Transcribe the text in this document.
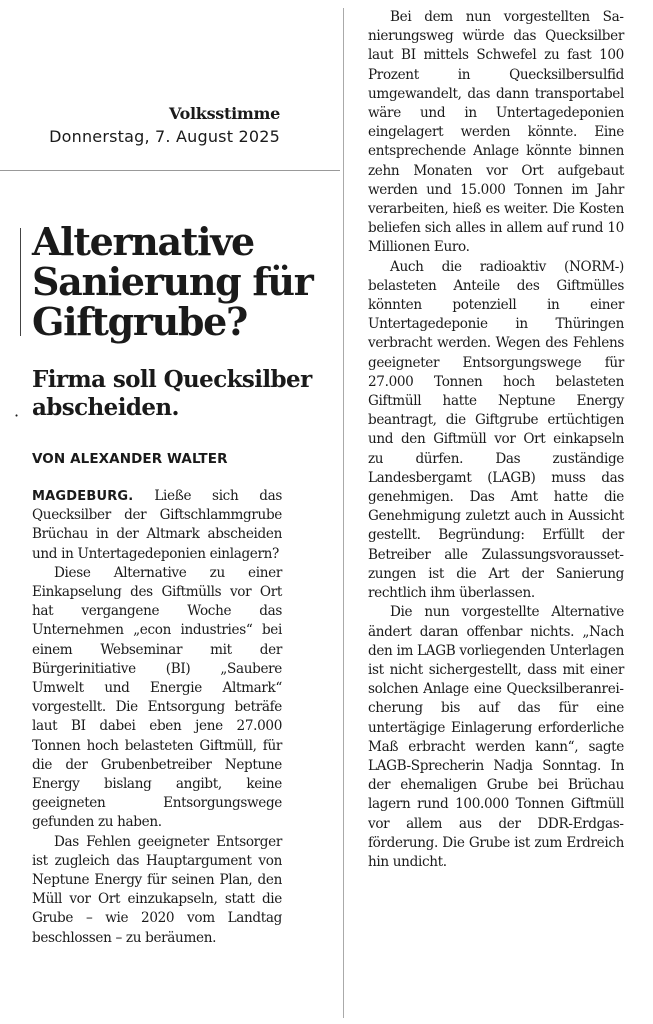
Volksstimme
Donnerstag, 7. August 2025
Alternative Sanierung für Giftgrube?
·
Firma soll Quecksilber abscheiden.
VON ALEXANDER WALTER

MAGDEBURG. Ließe sich das Quecksilber der Giftschlammgrube Brüchau in der Altmark abscheiden und in Untertagedeponien einlagern?

Diese Alternative zu einer Einkapselung des Giftmülls vor Ort hat vergangene Woche das Unternehmen „econ industries“ bei einem Webseminar mit der Bürgerinitiative (BI) „Saubere Umwelt und Energie Altmark“ vorgestellt. Die Entsorgung beträfe laut BI dabei eben jene 27.000 Tonnen hoch belasteten Giftmüll, für die der Grubenbetreiber Neptune Energy bislang angibt, keine geeigneten Entsorgungswege gefunden zu haben.

Das Fehlen geeigneter Entsorger ist zugleich das Hauptargument von Neptune Energy für seinen Plan, den Müll vor Ort einzukapseln, statt die Grube – wie 2020 vom Landtag beschlossen – zu beräumen.

Bei dem nun vorgestellten Sanierungsweg würde das Quecksilber laut BI mittels Schwefel zu fast 100 Prozent in Quecksilbersulfid umgewandelt, das dann transportabel wäre und in Untertagedeponien eingelagert werden könnte. Eine entsprechende Anlage könnte binnen zehn Monaten vor Ort aufgebaut werden und 15.000 Tonnen im Jahr verarbeiten, hieß es weiter. Die Kosten beliefen sich alles in allem auf rund 10 Millionen Euro.

Auch die radioaktiv (NORM-) belasteten Anteile des Giftmülles könnten potenziell in einer Untertagedeponie in Thüringen verbracht werden. Wegen des Fehlens geeigneter Entsorgungswege für 27.000 Tonnen hoch belasteten Giftmüll hatte Neptune Energy beantragt, die Giftgrube ertüchtigen und den Giftmüll vor Ort einkapseln zu dürfen. Das zuständige Landesbergamt (LAGB) muss das genehmigen. Das Amt hatte die Genehmigung zuletzt auch in Aussicht gestellt. Begründung: Erfüllt der Betreiber alle Zulassungsvoraussetzungen ist die Art der Sanierung rechtlich ihm überlassen.

Die nun vorgestellte Alternative ändert daran offenbar nichts. „Nach den im LAGB vorliegenden Unterlagen ist nicht sichergestellt, dass mit einer solchen Anlage eine Quecksilberanreicherung bis auf das für eine untertägige Einlagerung erforderliche Maß erbracht werden kann“, sagte LAGB-Sprecherin Nadja Sonntag. In der ehemaligen Grube bei Brüchau lagern rund 100.000 Tonnen Giftmüll vor allem aus der DDR-Erdgasförderung. Die Grube ist zum Erdreich hin undicht.
